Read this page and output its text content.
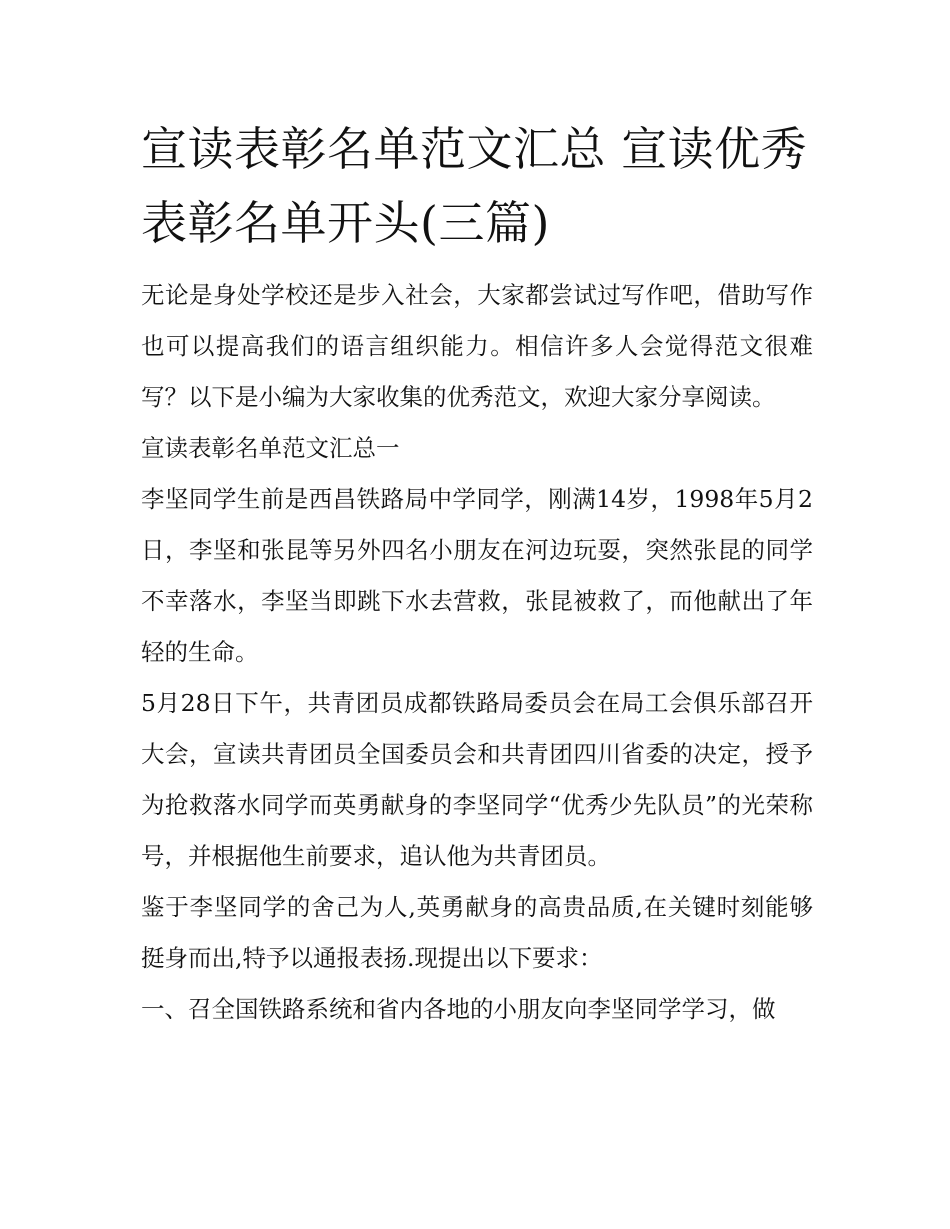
宣读表彰名单范文汇总 宣读优秀表彰名单开头(三篇)

无论是身处学校还是步入社会，大家都尝试过写作吧，借助写作也可以提高我们的语言组织能力。相信许多人会觉得范文很难写？以下是小编为大家收集的优秀范文，欢迎大家分享阅读。

宣读表彰名单范文汇总一

李坚同学生前是西昌铁路局中学同学，刚满14岁，1998年5月2日，李坚和张昆等另外四名小朋友在河边玩耍，突然张昆的同学不幸落水，李坚当即跳下水去营救，张昆被救了，而他献出了年轻的生命。

5月28日下午，共青团员成都铁路局委员会在局工会俱乐部召开大会，宣读共青团员全国委员会和共青团四川省委的决定，授予为抢救落水同学而英勇献身的李坚同学“优秀少先队员”的光荣称号，并根据他生前要求，追认他为共青团员。

鉴于李坚同学的舍己为人,英勇献身的高贵品质,在关键时刻能够挺身而出,特予以通报表扬.现提出以下要求：

一、召全国铁路系统和省内各地的小朋友向李坚同学学习，做
